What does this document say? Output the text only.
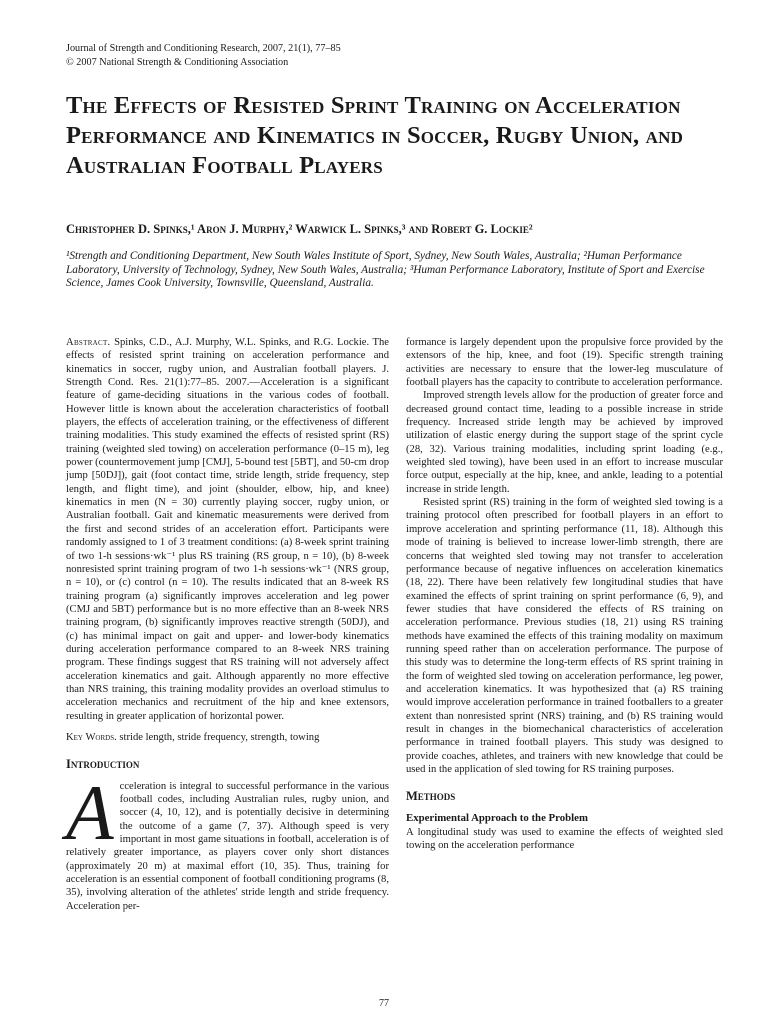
Journal of Strength and Conditioning Research, 2007, 21(1), 77–85
© 2007 National Strength & Conditioning Association
The Effects of Resisted Sprint Training on Acceleration Performance and Kinematics in Soccer, Rugby Union, and Australian Football Players
Christopher D. Spinks,¹ Aron J. Murphy,² Warwick L. Spinks,³ and Robert G. Lockie²
¹Strength and Conditioning Department, New South Wales Institute of Sport, Sydney, New South Wales, Australia; ²Human Performance Laboratory, University of Technology, Sydney, New South Wales, Australia; ³Human Performance Laboratory, Institute of Sport and Exercise Science, James Cook University, Townsville, Queensland, Australia.

Abstract. Spinks, C.D., A.J. Murphy, W.L. Spinks, and R.G. Lockie. The effects of resisted sprint training on acceleration performance and kinematics in soccer, rugby union, and Australian football players. J. Strength Cond. Res. 21(1):77–85. 2007.—Acceleration is a significant feature of game-deciding situations in the various codes of football. However little is known about the acceleration characteristics of football players, the effects of acceleration training, or the effectiveness of different training modalities. This study examined the effects of resisted sprint (RS) training (weighted sled towing) on acceleration performance (0–15 m), leg power (countermovement jump [CMJ], 5-bound test [5BT], and 50-cm drop jump [50DJ]), gait (foot contact time, stride length, stride frequency, step length, and flight time), and joint (shoulder, elbow, hip, and knee) kinematics in men (N = 30) currently playing soccer, rugby union, or Australian football. Gait and kinematic measurements were derived from the first and second strides of an acceleration effort. Participants were randomly assigned to 1 of 3 treatment conditions: (a) 8-week sprint training of two 1-h sessions·wk⁻¹ plus RS training (RS group, n = 10), (b) 8-week nonresisted sprint training program of two 1-h sessions·wk⁻¹ (NRS group, n = 10), or (c) control (n = 10). The results indicated that an 8-week RS training program (a) significantly improves acceleration and leg power (CMJ and 5BT) performance but is no more effective than an 8-week NRS training program, (b) significantly improves reactive strength (50DJ), and (c) has minimal impact on gait and upper- and lower-body kinematics during acceleration performance compared to an 8-week NRS training program. These findings suggest that RS training will not adversely affect acceleration kinematics and gait. Although apparently no more effective than NRS training, this training modality provides an overload stimulus to acceleration mechanics and recruitment of the hip and knee extensors, resulting in greater application of horizontal power.

Key Words. stride length, stride frequency, strength, towing

Introduction

Acceleration is integral to successful performance in the various football codes, including Australian rules, rugby union, and soccer (4, 10, 12), and is potentially decisive in determining the outcome of a game (7, 37). Although speed is very important in most game situations in football, acceleration is of relatively greater importance, as players cover only short distances (approximately 20 m) at maximal effort (10, 35). Thus, training for acceleration is an essential component of football conditioning programs (8, 35), involving alteration of the athletes' stride length and stride frequency. Acceleration per-

formance is largely dependent upon the propulsive force provided by the extensors of the hip, knee, and foot (19). Specific strength training activities are necessary to ensure that the lower-leg musculature of football players has the capacity to contribute to acceleration performance.

Improved strength levels allow for the production of greater force and decreased ground contact time, leading to a possible increase in stride frequency. Increased stride length may be achieved by improved utilization of elastic energy during the support stage of the sprint cycle (28, 32). Various training modalities, including sprint loading (e.g., weighted sled towing), have been used in an effort to increase muscular force output, especially at the hip, knee, and ankle, leading to a potential increase in stride length.

Resisted sprint (RS) training in the form of weighted sled towing is a training protocol often prescribed for football players in an effort to improve acceleration and sprinting performance (11, 18). Although this mode of training is believed to increase lower-limb strength, there are concerns that weighted sled towing may not transfer to acceleration performance because of negative influences on acceleration kinematics (18, 22). There have been relatively few longitudinal studies that have examined the effects of sprint training on sprint performance (6, 9), and fewer studies that have considered the effects of RS training on acceleration performance. Previous studies (18, 21) using RS training methods have examined the effects of this training modality on maximum running speed rather than on acceleration performance. The purpose of this study was to determine the long-term effects of RS sprint training in the form of weighted sled towing on acceleration performance, leg power, and acceleration kinematics. It was hypothesized that (a) RS training would improve acceleration performance in trained footballers to a greater extent than nonresisted sprint (NRS) training, and (b) RS training would result in changes in the biomechanical characteristics of acceleration performance in trained football players. This study was designed to provide coaches, athletes, and trainers with new knowledge that could be used in the application of sled towing for RS training purposes.

Methods

Experimental Approach to the Problem

A longitudinal study was used to examine the effects of weighted sled towing on the acceleration performance

77
